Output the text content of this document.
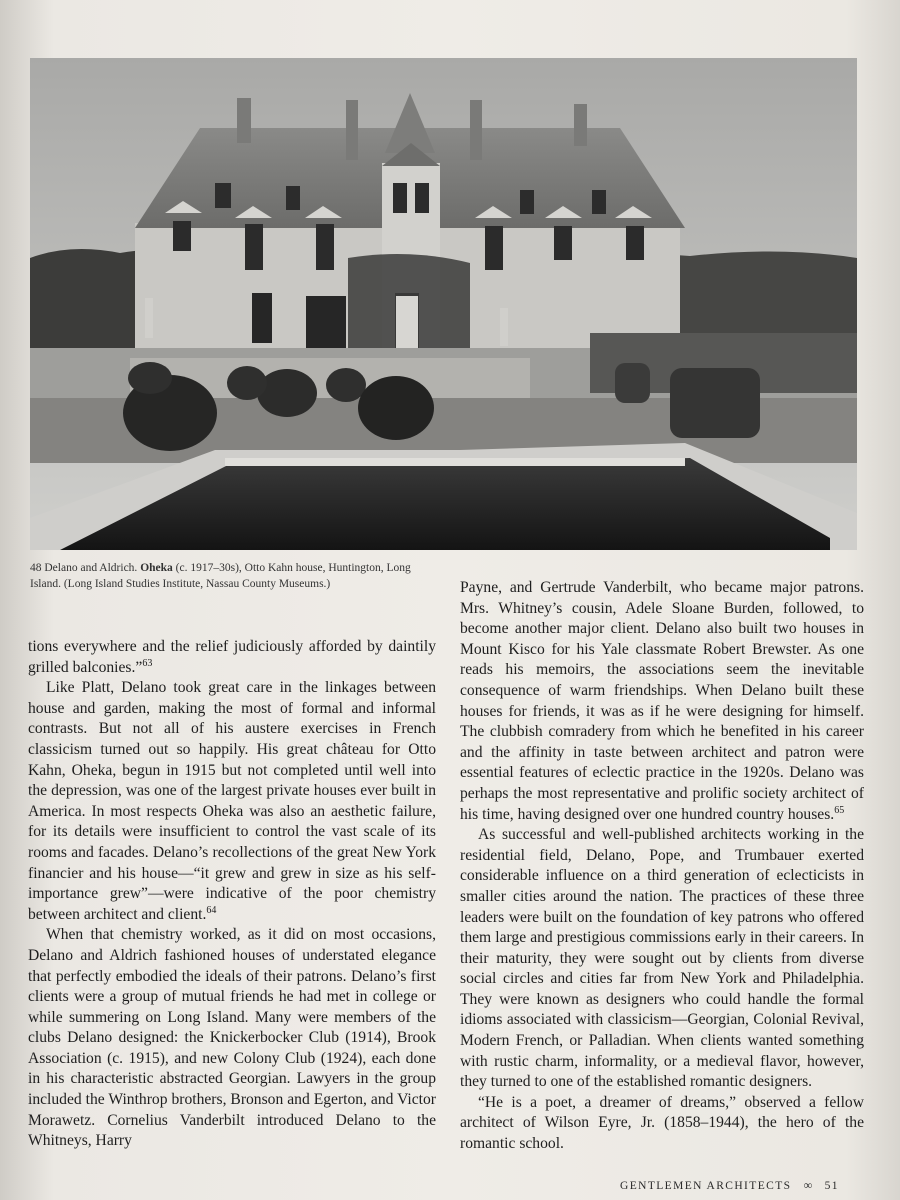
48 Delano and Aldrich. Oheka (c. 1917–30s), Otto Kahn house, Huntington, Long Island. (Long Island Studies Institute, Nassau County Museums.)

tions everywhere and the relief judiciously afforded by daintily grilled balconies.”$^{63}$

Like Platt, Delano took great care in the linkages between house and garden, making the most of formal and informal contrasts. But not all of his austere exercises in French classicism turned out so happily. His great château for Otto Kahn, Oheka, begun in 1915 but not completed until well into the depression, was one of the largest private houses ever built in America. In most respects Oheka was also an aesthetic failure, for its details were insufficient to control the vast scale of its rooms and facades. Delano’s recollections of the great New York financier and his house—“it grew and grew in size as his self-importance grew”—were indicative of the poor chemistry between architect and client.$^{64}$

When that chemistry worked, as it did on most occasions, Delano and Aldrich fashioned houses of understated elegance that perfectly embodied the ideals of their patrons. Delano’s first clients were a group of mutual friends he had met in college or while summering on Long Island. Many were members of the clubs Delano designed: the Knickerbocker Club (1914), Brook Association (c. 1915), and new Colony Club (1924), each done in his characteristic abstracted Georgian. Lawyers in the group included the Winthrop brothers, Bronson and Egerton, and Victor Morawetz. Cornelius Vanderbilt introduced Delano to the Whitneys, Harry

Payne, and Gertrude Vanderbilt, who became major patrons. Mrs. Whitney’s cousin, Adele Sloane Burden, followed, to become another major client. Delano also built two houses in Mount Kisco for his Yale classmate Robert Brewster. As one reads his memoirs, the associations seem the inevitable consequence of warm friendships. When Delano built these houses for friends, it was as if he were designing for himself. The clubbish comradery from which he benefited in his career and the affinity in taste between architect and patron were essential features of eclectic practice in the 1920s. Delano was perhaps the most representative and prolific society architect of his time, having designed over one hundred country houses.$^{65}$

As successful and well-published architects working in the residential field, Delano, Pope, and Trumbauer exerted considerable influence on a third generation of eclecticists in smaller cities around the nation. The practices of these three leaders were built on the foundation of key patrons who offered them large and prestigious commissions early in their careers. In their maturity, they were sought out by clients from diverse social circles and cities far from New York and Philadelphia. They were known as designers who could handle the formal idioms associated with classicism—Georgian, Colonial Revival, Modern French, or Palladian. When clients wanted something with rustic charm, informality, or a medieval flavor, however, they turned to one of the established romantic designers.

“He is a poet, a dreamer of dreams,” observed a fellow architect of Wilson Eyre, Jr. (1858–1944), the hero of the romantic school.

GENTLEMEN ARCHITECTS ∞ 51
